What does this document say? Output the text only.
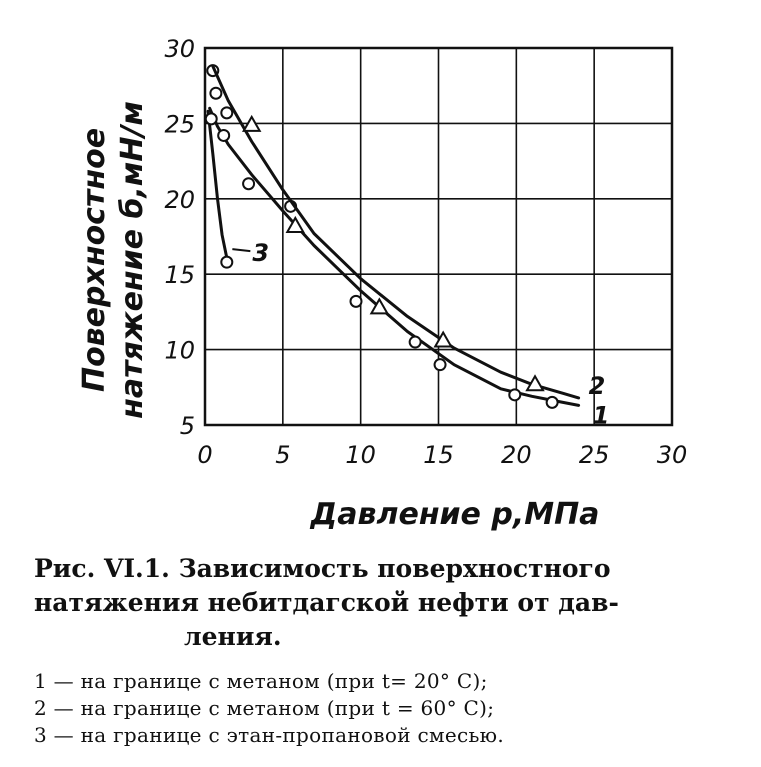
1
2
3
0	5 10 15 20 25 30
5
10
15
20
25
30
Поверхностное натяжение б,мН/м
Давление p,МПа
Рис. VI.1. Зависимость поверхностного
натяжения небитдагской нефти от дав-
ления.
1 — на границе с метаном (при t= 20° С);
2 — на границе с метаном (при t = 60° С);
3 — на границе с этан-пропановой смесью.
